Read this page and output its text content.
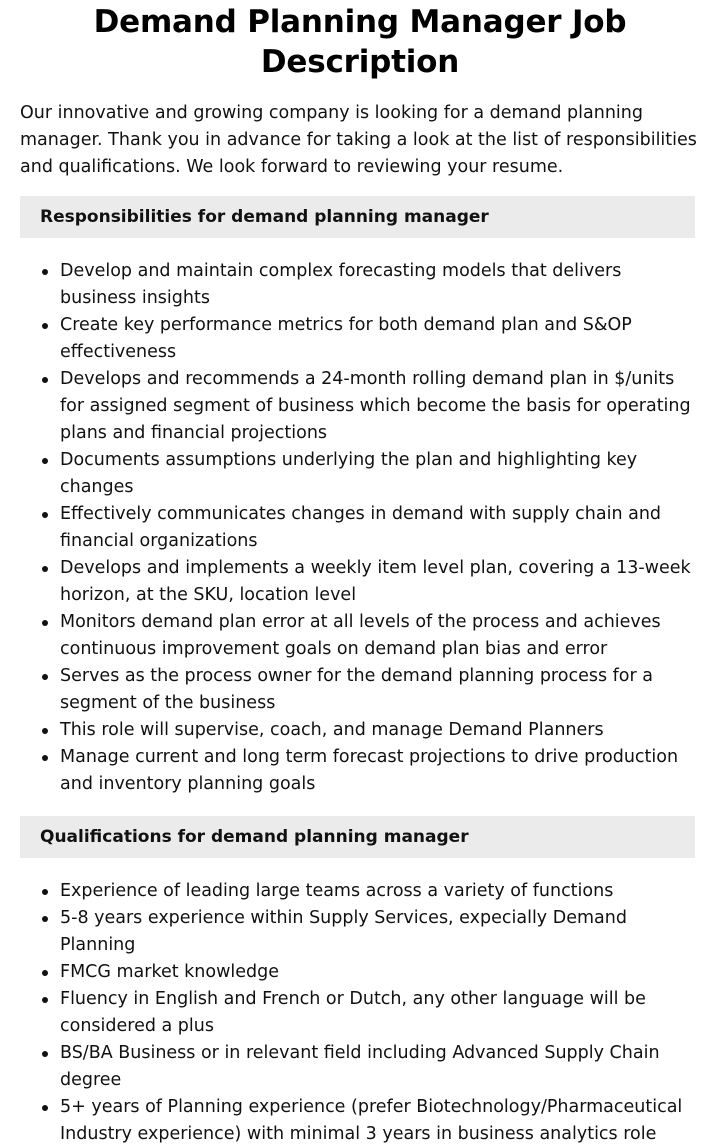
Demand Planning Manager Job Description

Our innovative and growing company is looking for a demand planning manager. Thank you in advance for taking a look at the list of responsibilities and qualifications. We look forward to reviewing your resume.

Responsibilities for demand planning manager
Develop and maintain complex forecasting models that delivers business insights
Create key performance metrics for both demand plan and S&OP effectiveness
Develops and recommends a 24-month rolling demand plan in $/units for assigned segment of business which become the basis for operating plans and financial projections
Documents assumptions underlying the plan and highlighting key changes
Effectively communicates changes in demand with supply chain and financial organizations
Develops and implements a weekly item level plan, covering a 13-week horizon, at the SKU, location level
Monitors demand plan error at all levels of the process and achieves continuous improvement goals on demand plan bias and error
Serves as the process owner for the demand planning process for a segment of the business
This role will supervise, coach, and manage Demand Planners
Manage current and long term forecast projections to drive production and inventory planning goals
Qualifications for demand planning manager
Experience of leading large teams across a variety of functions
5-8 years experience within Supply Services, expecially Demand Planning
FMCG market knowledge
Fluency in English and French or Dutch, any other language will be considered a plus
BS/BA Business or in relevant field including Advanced Supply Chain degree
5+ years of Planning experience (prefer Biotechnology/Pharmaceutical Industry experience) with minimal 3 years in business analytics role
